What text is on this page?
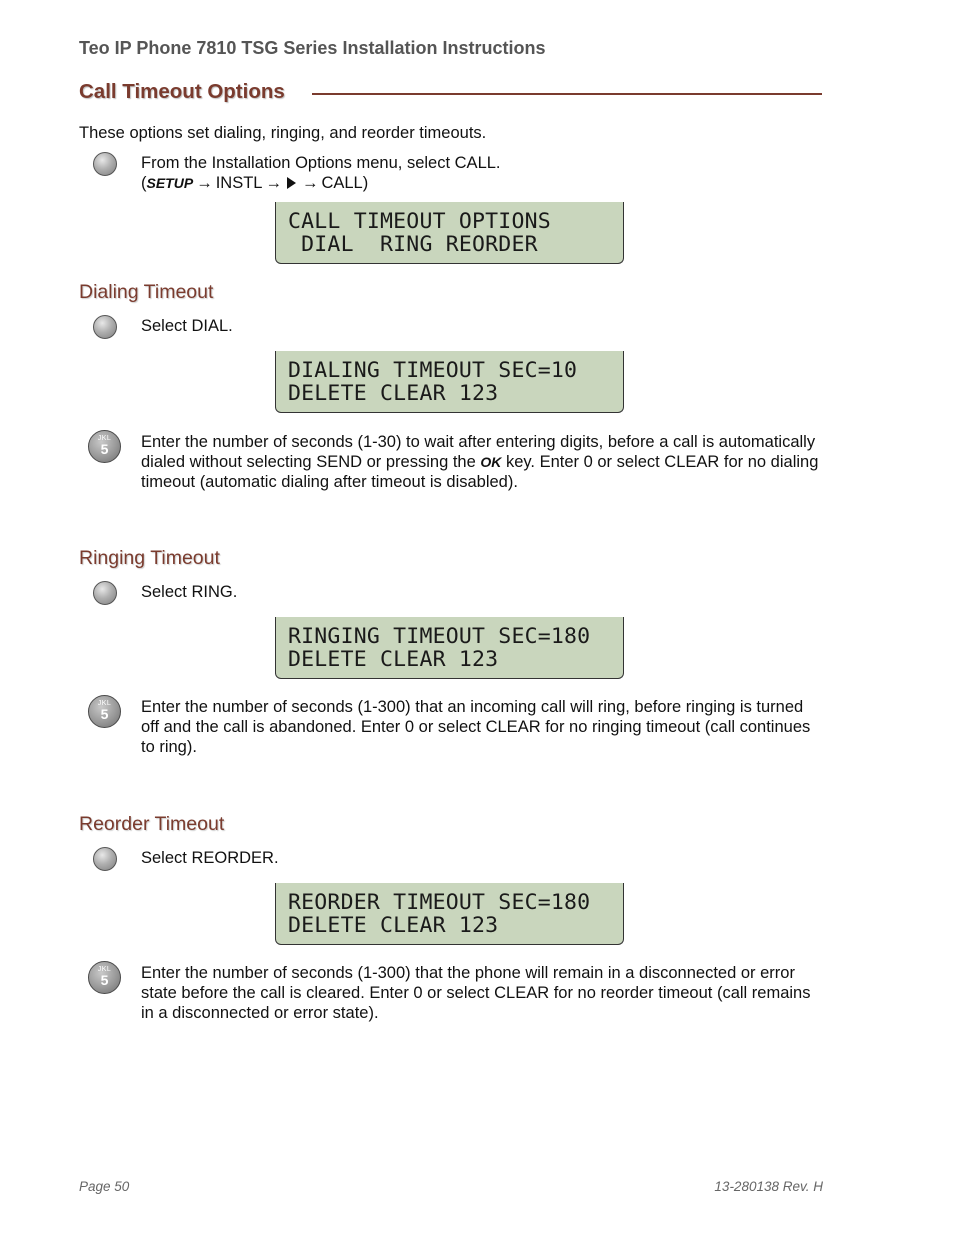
Teo IP Phone 7810 TSG Series Installation Instructions
Call Timeout Options
These options set dialing, ringing, and reorder timeouts.
From the Installation Options menu, select CALL.
(SETUP → INSTL → → CALL)
CALL TIMEOUT OPTIONS
DIAL  RING REORDER
Dialing Timeout
Select DIAL.
DIALING TIMEOUT SEC=10
DELETE CLEAR 123
JKL
5	Enter the number of seconds (1-30) to wait after entering digits, before a call is automatically dialed without selecting SEND or pressing the OK key. Enter 0 or select CLEAR for no dialing timeout (automatic dialing after timeout is disabled).
Ringing Timeout
Select RING.
RINGING TIMEOUT SEC=180
DELETE CLEAR 123
JKL
5	Enter the number of seconds (1-300) that an incoming call will ring, before ringing is turned off and the call is abandoned. Enter 0 or select CLEAR for no ringing timeout (call continues to ring).
Reorder Timeout
Select REORDER.
REORDER TIMEOUT SEC=180
DELETE CLEAR 123
JKL
5	Enter the number of seconds (1-300) that the phone will remain in a disconnected or error state before the call is cleared. Enter 0 or select CLEAR for no reorder timeout (call remains in a disconnected or error state).
Page 50	13-280138 Rev. H
